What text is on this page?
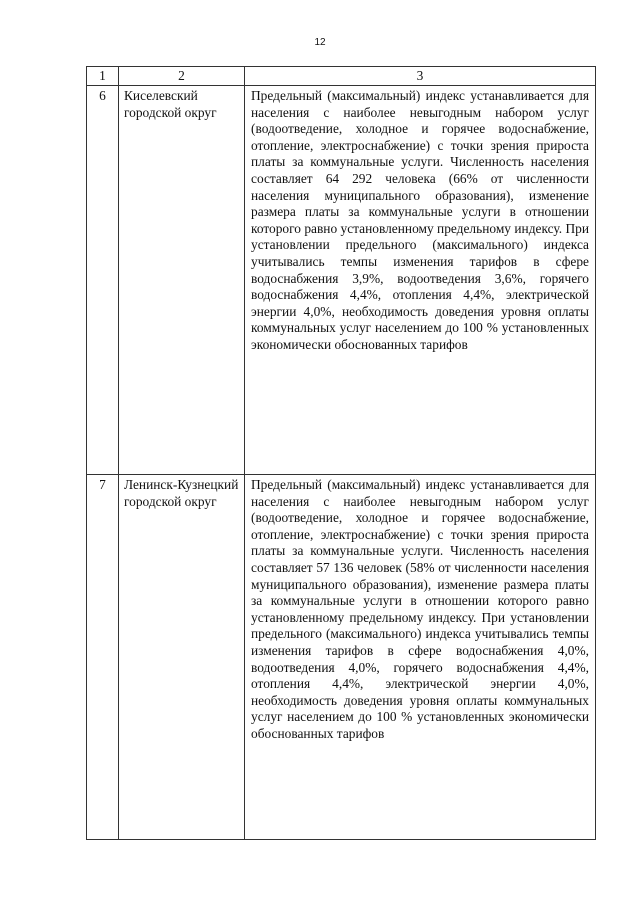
12
1	2	3
6	Киселевский городской округ	Предельный (максимальный) индекс устанавливается для населения с наиболее невыгодным набором услуг (водоотведение, холодное и горячее водоснабжение, отопление, электроснабжение) с точки зрения прироста платы за коммунальные услуги. Численность населения составляет 64 292 человека (66% от численности населения муниципального образования), изменение размера платы за коммунальные услуги в отношении которого равно установленному предельному индексу. При установлении предельного (максимального) индекса учитывались темпы изменения тарифов в сфере водоснабжения 3,9%, водоотведения 3,6%, горячего водоснабжения 4,4%, отопления 4,4%, электрической энергии 4,0%, необходимость доведения уровня оплаты коммунальных услуг населением до 100 % установленных экономически обоснованных тарифов
7	Ленинск-Кузнецкий городской округ	Предельный (максимальный) индекс устанавливается для населения с наиболее невыгодным набором услуг (водоотведение, холодное и горячее водоснабжение, отопление, электроснабжение) с точки зрения прироста платы за коммунальные услуги. Численность населения составляет 57 136 человек (58% от численности населения муниципального образования), изменение размера платы за коммунальные услуги в отношении которого равно установленному предельному индексу. При установлении предельного (максимального) индекса учитывались темпы изменения тарифов в сфере водоснабжения 4,0%, водоотведения 4,0%, горячего водоснабжения 4,4%, отопления 4,4%, электрической энергии 4,0%, необходимость доведения уровня оплаты коммунальных услуг населением до 100 % установленных экономически обоснованных тарифов
